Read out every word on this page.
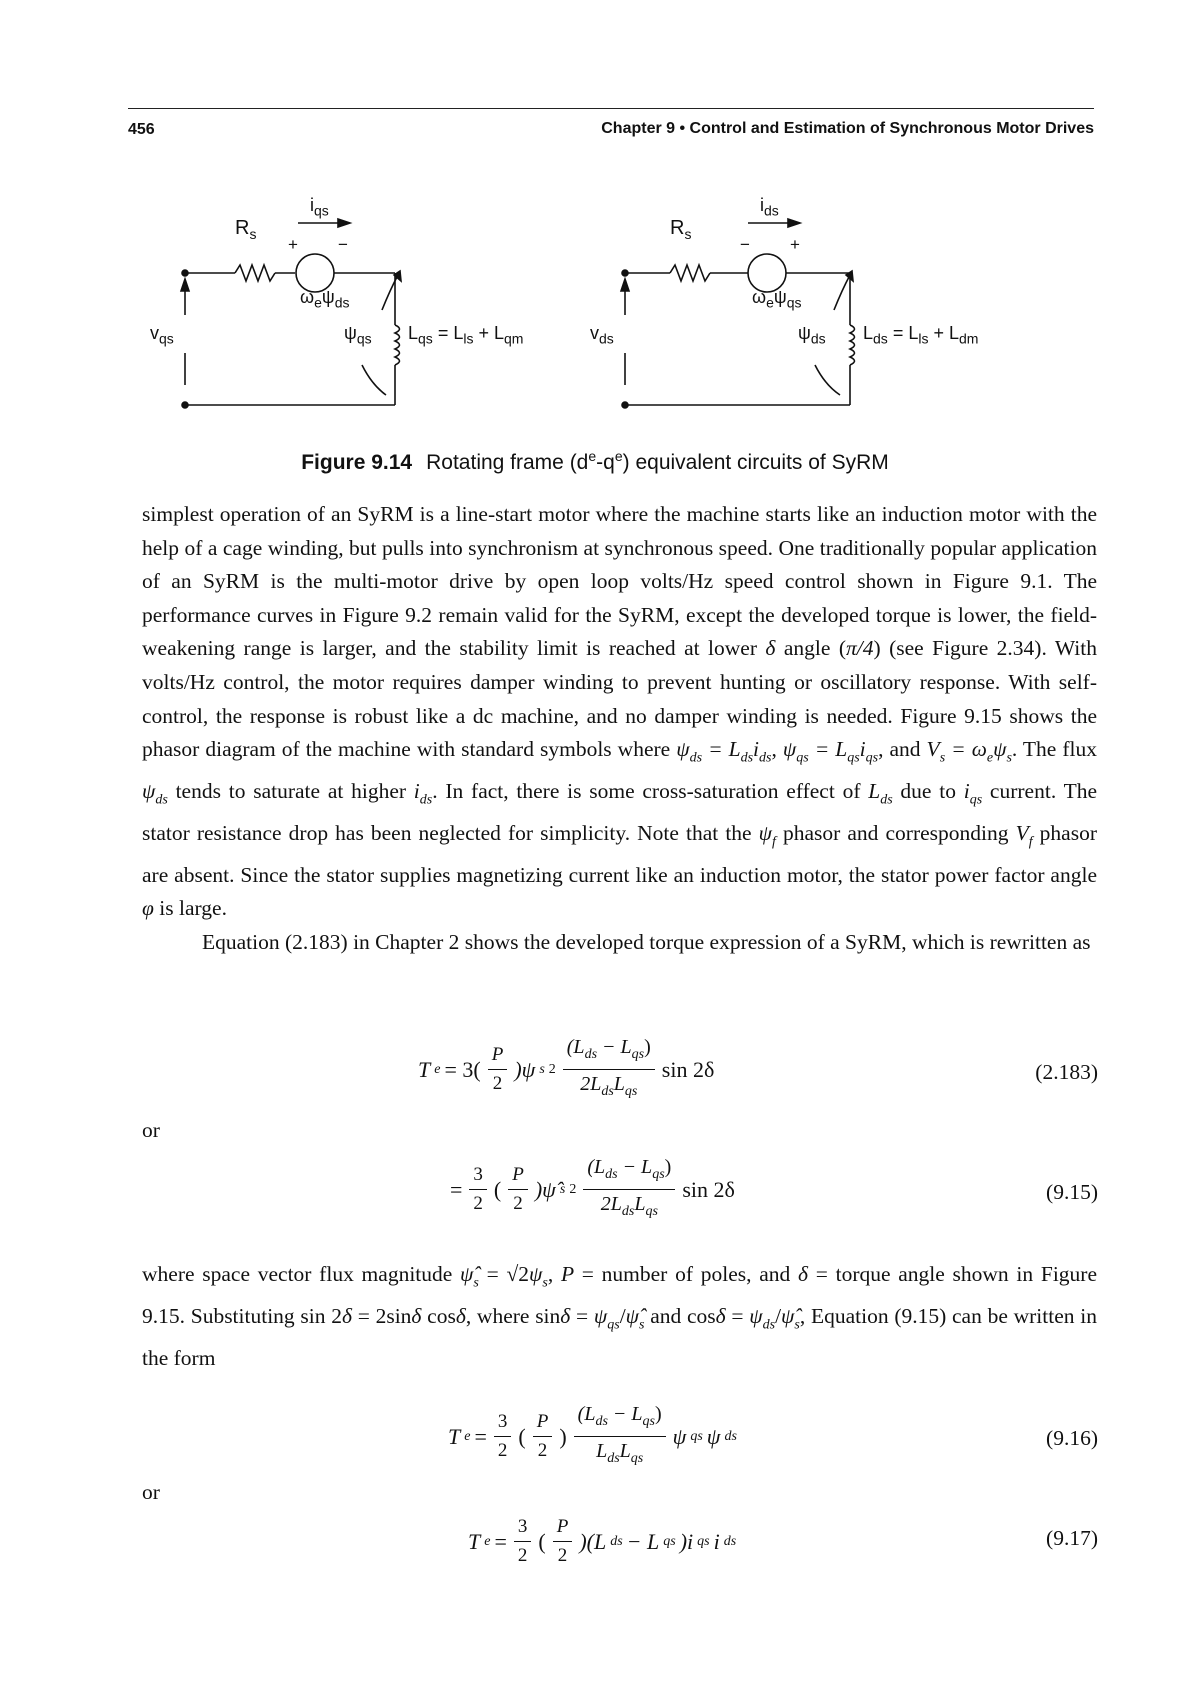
456	Chapter 9 • Control and Estimation of Synchronous Motor Drives
+ −	− +
$i_{qs}$
$R_s$
$\omega_e\psi_{ds}$
$v_{qs}$	$\psi_{qs}$ $L_{qs} = L_{ls} + L_{qm}$
$i_{ds}$
$R_s$
$\omega_e\psi_{qs}$
$v_{ds}$	$\psi_{ds}$ $L_{ds} = L_{ls} + L_{dm}$
Figure 9.14 Rotating frame $(d^e-q^e)$ equivalent circuits of SyRM

simplest operation of an SyRM is a line-start motor where the machine starts like an induction motor with the help of a cage winding, but pulls into synchronism at synchronous speed. One traditionally popular application of an SyRM is the multi-motor drive by open loop volts/Hz speed control shown in Figure 9.1. The performance curves in Figure 9.2 remain valid for the SyRM, except the developed torque is lower, the field-weakening range is larger, and the stability limit is reached at lower δ angle (π/4) (see Figure 2.34). With volts/Hz control, the motor requires damper winding to prevent hunting or oscillatory response. With self-control, the response is robust like a dc machine, and no damper winding is needed. Figure 9.15 shows the phasor diagram of the machine with standard symbols where $\psi_{ds} = L_{ds}i_{ds}$, $\psi_{qs} = L_{qs}i_{qs}$, and $V_s = \omega_e\psi_s$. The flux $\psi_{ds}$ tends to saturate at higher $i_{ds}$. In fact, there is some cross-saturation effect of $L_{ds}$ due to $i_{qs}$ current. The stator resistance drop has been neglected for simplicity. Note that the $\psi_f$ phasor and corresponding $V_f$ phasor are absent. Since the stator supplies magnetizing current like an induction motor, the stator power factor angle φ is large.

Equation (2.183) in Chapter 2 shows the developed torque expression of a SyRM, which is rewritten as

T $e = 3( \frac{P}{2} )\psi$ s $2 \frac{(L_{ds} - L_{qs})}{2L_{ds}L_{qs}}$ sin 2δ	(2.183)
or
= $\frac{3}{2}$ ( $\frac{P}{2}$ )ψ̂ s $2 \frac{(L_{ds} - L_{qs})}{2L_{ds}L_{qs}}$ sin 2δ	(9.15)

where space vector flux magnitude $\psî_s = √2\psi_s$, P = number of poles, and δ = torque angle shown in Figure 9.15. Substituting sin 2δ = 2sinδ cosδ, where $\sin\delta = \psi_{qs}/\psî_s$ and $\cos\delta = \psi_{ds}/\psî_s$, Equation (9.15) can be written in the form

T $e = \frac{3}{2}$ ( $\frac{P}{2}$ ) $\frac{(L_{ds} - L_{qs})}{L_{ds}L_{qs}}$ ψ qs ψ ds	(9.16)
or
T $e = \frac{3}{2}$ ( $\frac{P}{2} )(L$ ds − L qs )i qs i ds	(9.17)
